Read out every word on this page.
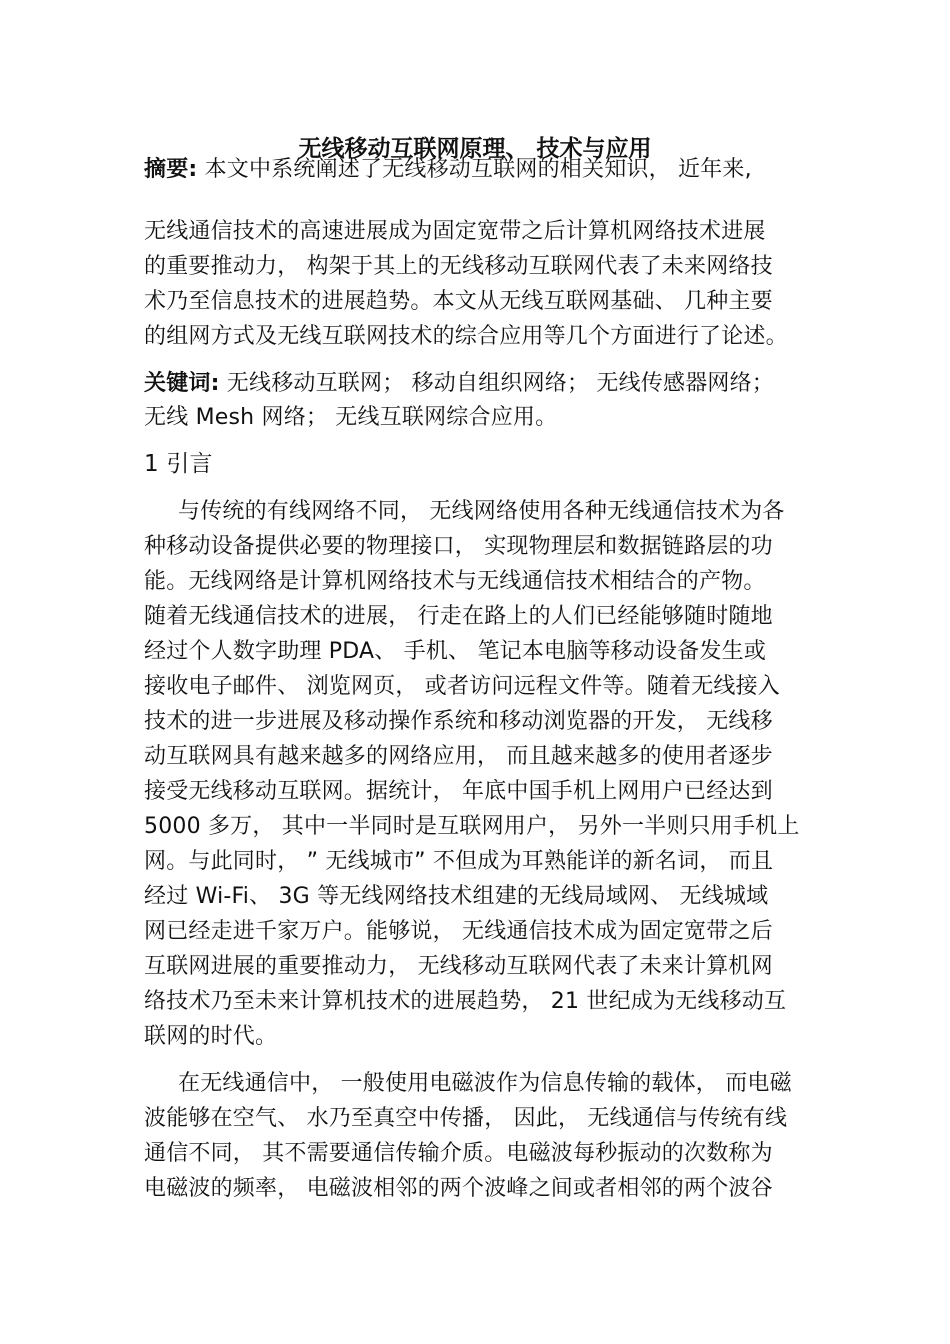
无线移动互联网原理、 技术与应用
摘要: 本文中系统阐述了无线移动互联网的相关知识， 近年来,
无线通信技术的高速进展成为固定宽带之后计算机网络技术进展
的重要推动力， 构架于其上的无线移动互联网代表了未来网络技
术乃至信息技术的进展趋势。本文从无线互联网基础、 几种主要
的组网方式及无线互联网技术的综合应用等几个方面进行了论述。
关键词: 无线移动互联网； 移动自组织网络； 无线传感器网络；
无线 Mesh 网络； 无线互联网综合应用。
1 引言
与传统的有线网络不同， 无线网络使用各种无线通信技术为各
种移动设备提供必要的物理接口， 实现物理层和数据链路层的功
能。无线网络是计算机网络技术与无线通信技术相结合的产物。
随着无线通信技术的进展， 行走在路上的人们已经能够随时随地
经过个人数字助理 PDA、 手机、 笔记本电脑等移动设备发生或
接收电子邮件、 浏览网页， 或者访问远程文件等。随着无线接入
技术的进一步进展及移动操作系统和移动浏览器的开发， 无线移
动互联网具有越来越多的网络应用， 而且越来越多的使用者逐步
接受无线移动互联网。据统计， 年底中国手机上网用户已经达到
5000 多万， 其中一半同时是互联网用户， 另外一半则只用手机上
网。与此同时， ” 无线城市” 不但成为耳熟能详的新名词， 而且
经过 Wi-Fi、 3G 等无线网络技术组建的无线局域网、 无线城域
网已经走进千家万户。能够说， 无线通信技术成为固定宽带之后
互联网进展的重要推动力， 无线移动互联网代表了未来计算机网
络技术乃至未来计算机技术的进展趋势， 21 世纪成为无线移动互
联网的时代。
在无线通信中， 一般使用电磁波作为信息传输的载体， 而电磁
波能够在空气、 水乃至真空中传播， 因此， 无线通信与传统有线
通信不同， 其不需要通信传输介质。电磁波每秒振动的次数称为
电磁波的频率， 电磁波相邻的两个波峰之间或者相邻的两个波谷
